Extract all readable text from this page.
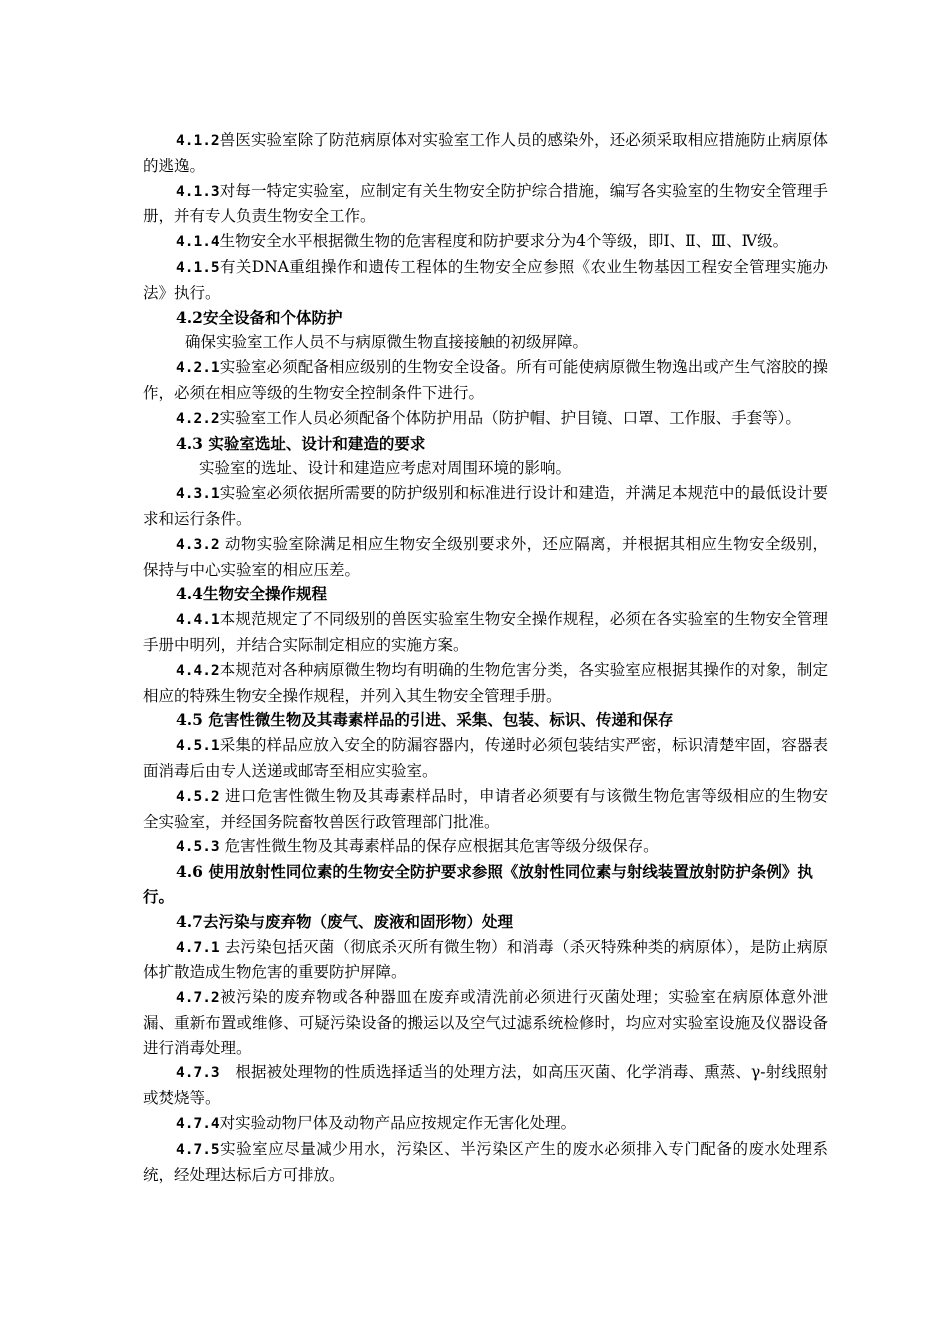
4.1.2兽医实验室除了防范病原体对实验室工作人员的感染外，还必须采取相应措施防止病原体的逃逸。

4.1.3对每一特定实验室，应制定有关生物安全防护综合措施，编写各实验室的生物安全管理手册，并有专人负责生物安全工作。

4.1.4生物安全水平根据微生物的危害程度和防护要求分为4个等级，即Ⅰ、Ⅱ、Ⅲ、Ⅳ级。

4.1.5有关DNA重组操作和遗传工程体的生物安全应参照《农业生物基因工程安全管理实施办法》执行。

4.2安全设备和个体防护

确保实验室工作人员不与病原微生物直接接触的初级屏障。

4.2.1实验室必须配备相应级别的生物安全设备。所有可能使病原微生物逸出或产生气溶胶的操作，必须在相应等级的生物安全控制条件下进行。

4.2.2实验室工作人员必须配备个体防护用品（防护帽、护目镜、口罩、工作服、手套等）。

4.3 实验室选址、设计和建造的要求

实验室的选址、设计和建造应考虑对周围环境的影响。

4.3.1实验室必须依据所需要的防护级别和标准进行设计和建造，并满足本规范中的最低设计要求和运行条件。

4.3.2 动物实验室除满足相应生物安全级别要求外，还应隔离，并根据其相应生物安全级别，保持与中心实验室的相应压差。

4.4生物安全操作规程

4.4.1本规范规定了不同级别的兽医实验室生物安全操作规程，必须在各实验室的生物安全管理手册中明列，并结合实际制定相应的实施方案。

4.4.2本规范对各种病原微生物均有明确的生物危害分类，各实验室应根据其操作的对象，制定相应的特殊生物安全操作规程，并列入其生物安全管理手册。

4.5 危害性微生物及其毒素样品的引进、采集、包装、标识、传递和保存

4.5.1采集的样品应放入安全的防漏容器内，传递时必须包装结实严密，标识清楚牢固，容器表面消毒后由专人送递或邮寄至相应实验室。

4.5.2 进口危害性微生物及其毒素样品时，申请者必须要有与该微生物危害等级相应的生物安全实验室，并经国务院畜牧兽医行政管理部门批准。

4.5.3 危害性微生物及其毒素样品的保存应根据其危害等级分级保存。

4.6 使用放射性同位素的生物安全防护要求参照《放射性同位素与射线装置放射防护条例》执行。

4.7去污染与废弃物（废气、废液和固形物）处理

4.7.1 去污染包括灭菌（彻底杀灭所有微生物）和消毒（杀灭特殊种类的病原体），是防止病原体扩散造成生物危害的重要防护屏障。

4.7.2被污染的废弃物或各种器皿在废弃或清洗前必须进行灭菌处理；实验室在病原体意外泄漏、重新布置或维修、可疑污染设备的搬运以及空气过滤系统检修时，均应对实验室设施及仪器设备进行消毒处理。

4.7.3　根据被处理物的性质选择适当的处理方法，如高压灭菌、化学消毒、熏蒸、γ-射线照射或焚烧等。

4.7.4对实验动物尸体及动物产品应按规定作无害化处理。

4.7.5实验室应尽量减少用水，污染区、半污染区产生的废水必须排入专门配备的废水处理系统，经处理达标后方可排放。
